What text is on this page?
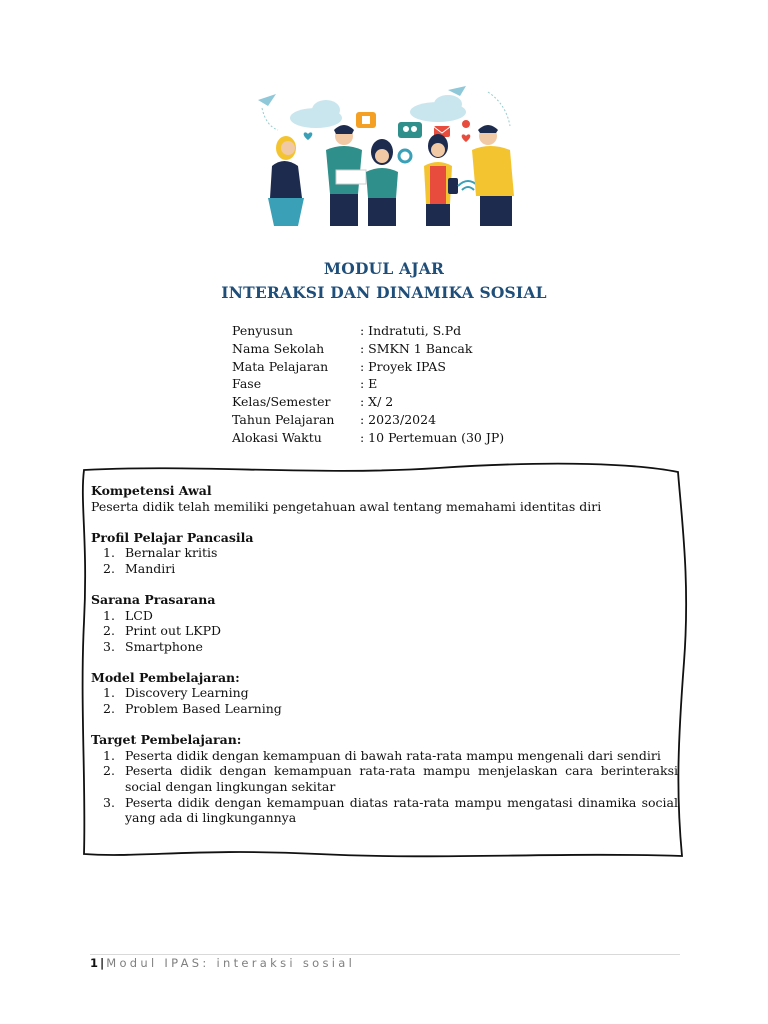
MODUL AJAR
INTERAKSI DAN DINAMIKA SOSIAL
Penyusun	: Indratuti, S.Pd
Nama Sekolah	: SMKN 1 Bancak
Mata Pelajaran	: Proyek IPAS
Fase	: E
Kelas/Semester	: X/ 2
Tahun Pelajaran	: 2023/2024
Alokasi Waktu	: 10 Pertemuan (30 JP)
Kompetensi Awal
Peserta didik telah memiliki pengetahuan awal tentang memahami identitas diri
Profil Pelajar Pancasila
1. Bernalar kritis
2. Mandiri
Sarana Prasarana
1. LCD
2. Print out LKPD
3. Smartphone
Model Pembelajaran:
1. Discovery Learning
2. Problem Based Learning
Target Pembelajaran:
1. Peserta didik dengan kemampuan di bawah rata-rata mampu mengenali dari sendiri
2. Peserta didik dengan kemampuan rata-rata mampu menjelaskan cara berinteraksi social dengan lingkungan sekitar
3. Peserta didik dengan kemampuan diatas rata-rata mampu mengatasi dinamika social yang ada di lingkungannya
1 | Modul IPAS: interaksi sosial
